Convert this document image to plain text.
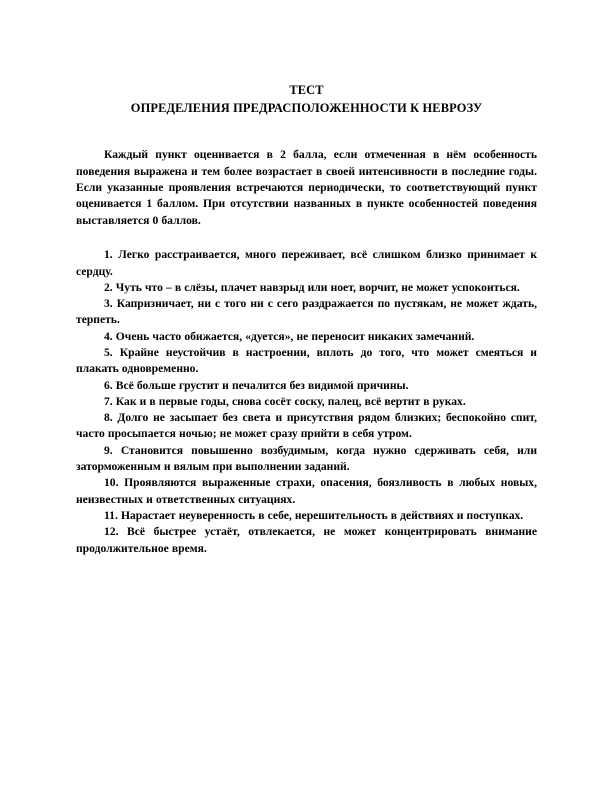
ТЕСТ
ОПРЕДЕЛЕНИЯ ПРЕДРАСПОЛОЖЕННОСТИ К НЕВРОЗУ

Каждый пункт оценивается в 2 балла, если отмеченная в нём особенность поведения выражена и тем более возрастает в своей интенсивности в последние годы. Если указанные проявления встречаются периодически, то соответствующий пункт оценивается 1 баллом. При отсутствии названных в пункте особенностей поведения выставляется 0 баллов.

1. Легко расстраивается, много переживает, всё слишком близко принимает к сердцу.
2. Чуть что – в слёзы, плачет навзрыд или ноет, ворчит, не может успокоиться.
3. Капризничает, ни с того ни с сего раздражается по пустякам, не может ждать, терпеть.
4. Очень часто обижается, «дуется», не переносит никаких замечаний.
5. Крайне неустойчив в настроении, вплоть до того, что может смеяться и плакать одновременно.
6. Всё больше грустит и печалится без видимой причины.
7. Как и в первые годы, снова сосёт соску, палец, всё вертит в руках.
8. Долго не засыпает без света и присутствия рядом близких; беспокойно спит, часто просыпается ночью; не может сразу прийти в себя утром.
9. Становится повышенно возбудимым, когда нужно сдерживать себя, или заторможенным и вялым при выполнении заданий.
10. Проявляются выраженные страхи, опасения, боязливость в любых новых, неизвестных и ответственных ситуациях.
11. Нарастает неуверенность в себе, нерешительность в действиях и поступках.
12. Всё быстрее устаёт, отвлекается, не может концентрировать внимание продолжительное время.
